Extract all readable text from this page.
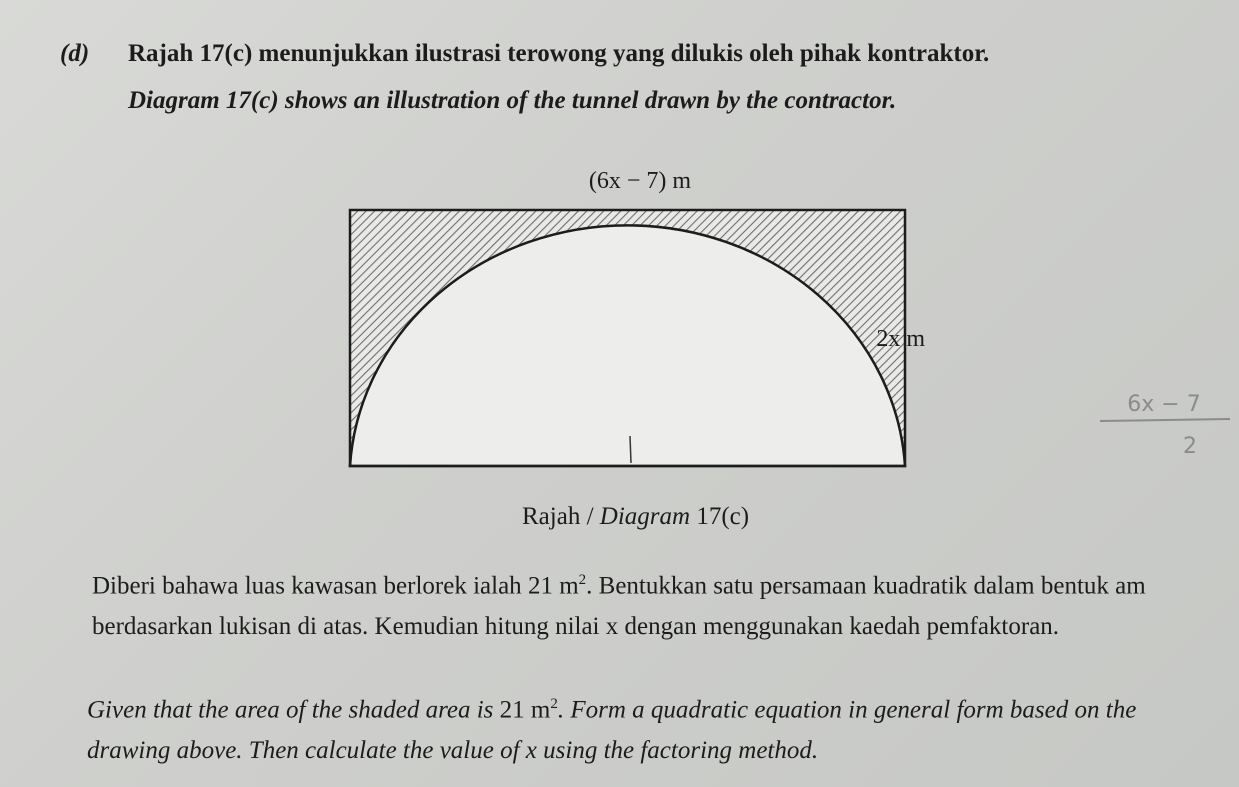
(d) Rajah 17(c) menunjukkan ilustrasi terowong yang dilukis oleh pihak kontraktor.
Diagram 17(c) shows an illustration of the tunnel drawn by the contractor.
(6x − 7) m
2x m
Rajah / Diagram 17(c)
Diberi bahawa luas kawasan berlorek ialah 21 $m^2$. Bentukkan satu persamaan kuadratik dalam bentuk am berdasarkan lukisan di atas. Kemudian hitung nilai x dengan menggunakan kaedah pemfaktoran.
Given that the area of the shaded area is 21 $m^2$. Form a quadratic equation in general form based on the drawing above. Then calculate the value of x using the factoring method.
6x − 7
2
